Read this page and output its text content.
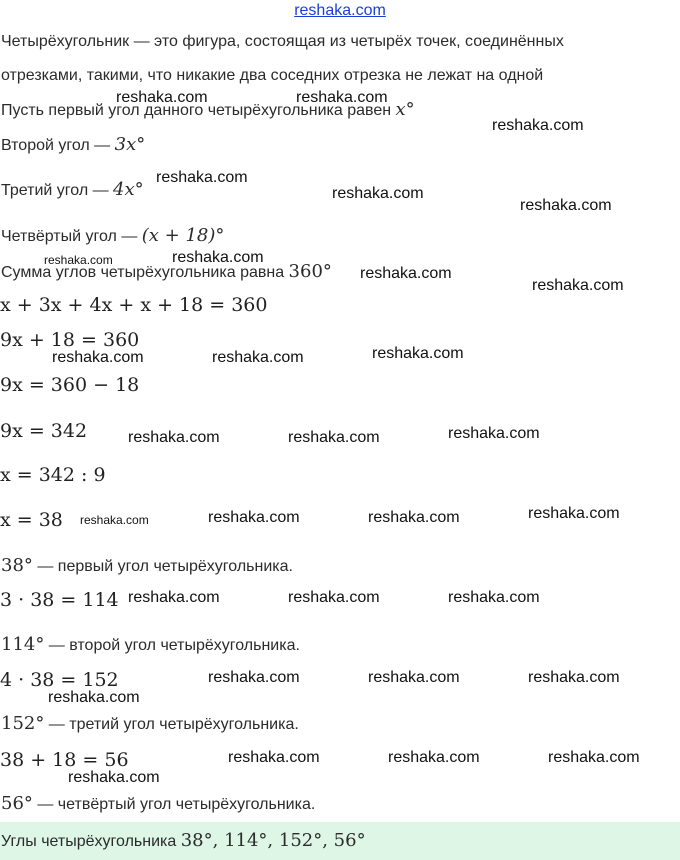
reshaka.com
Четырёхугольник — это фигура, состоящая из четырёх точек, соединённых
отрезками, такими, что никакие два соседних отрезка не лежат на одной
Пусть первый угол данного четырёхугольника равен x°
Второй угол — 3x°
Третий угол — 4x°
Четвёртый угол — (x + 18)°
Сумма углов четырёхугольника равна 360°
x + 3x + 4x + x + 18 = 360
9x + 18 = 360
9x = 360 − 18
9x = 342
x = 342 : 9
x = 38
38° — первый угол четырёхугольника.
3 · 38 = 114
114° — второй угол четырёхугольника.
4 · 38 = 152
152° — третий угол четырёхугольника.
38 + 18 = 56
56° — четвёртый угол четырёхугольника.
Углы четырёхугольника 38°, 114°, 152°, 56°
reshaka.com	reshaka.com
reshaka.com
reshaka.com
reshaka.com
reshaka.com
reshaka.com	reshaka.com
reshaka.com
reshaka.com
reshaka.com	reshaka.com	reshaka.com
reshaka.com	reshaka.com	reshaka.com
reshaka.com	reshaka.com	reshaka.com	reshaka.com
reshaka.com	reshaka.com	reshaka.com
reshaka.com	reshaka.com	reshaka.com
reshaka.com
reshaka.com	reshaka.com	reshaka.com
reshaka.com
